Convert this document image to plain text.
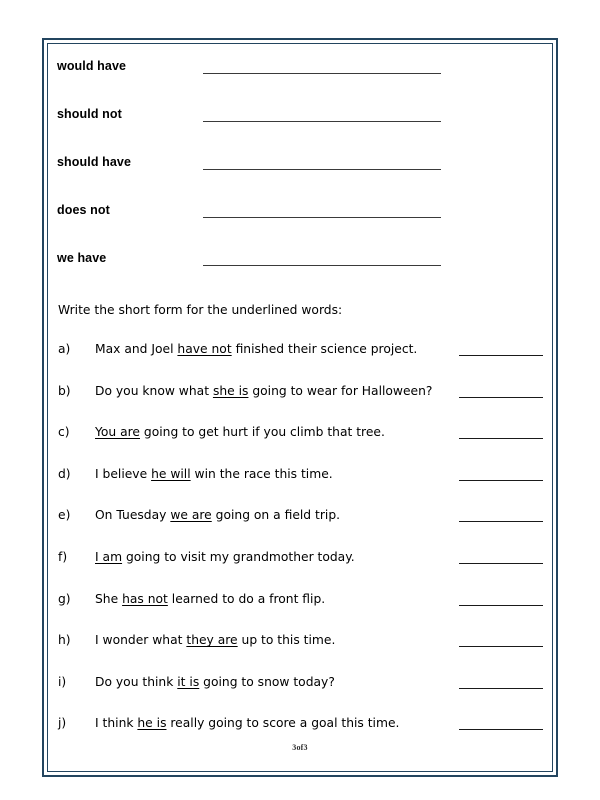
would have
should not
should have
does not
we have
Write the short form for the underlined words:
a) Max and Joel have not finished their science project.
b) Do you know what she is going to wear for Halloween?
c) You are going to get hurt if you climb that tree.
d) I believe he will win the race this time.
e) On Tuesday we are going on a field trip.
f) I am going to visit my grandmother today.
g) She has not learned to do a front flip.
h) I wonder what they are up to this time.
i) Do you think it is going to snow today?
j) I think he is really going to score a goal this time.
3of3
